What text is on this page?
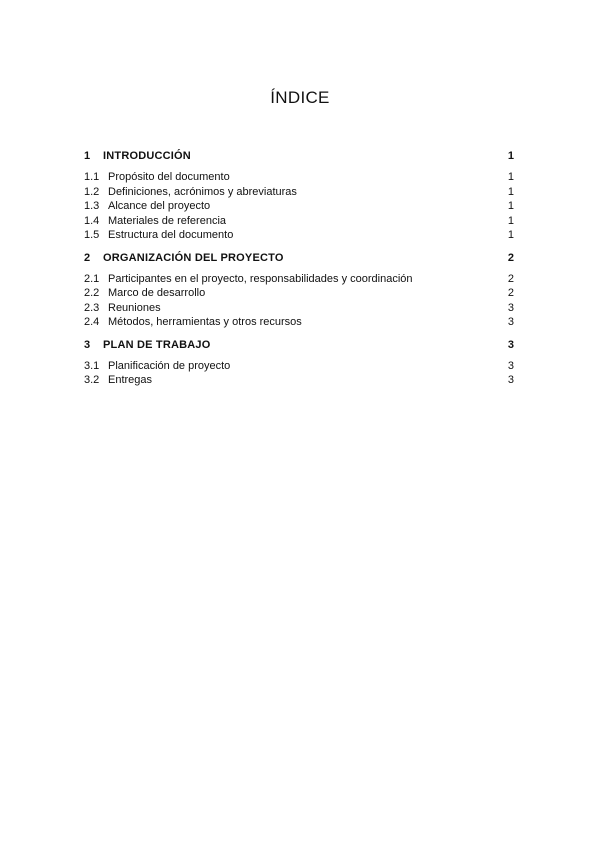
ÍNDICE
1	INTRODUCCIÓN	1
1.1 Propósito del documento	1
1.2 Definiciones, acrónimos y abreviaturas	1
1.3 Alcance del proyecto	1
1.4 Materiales de referencia	1
1.5 Estructura del documento	1
2	ORGANIZACIÓN DEL PROYECTO	2
2.1 Participantes en el proyecto, responsabilidades y coordinación	2
2.2 Marco de desarrollo	2
2.3 Reuniones	3
2.4 Métodos, herramientas y otros recursos	3
3	PLAN DE TRABAJO	3
3.1 Planificación de proyecto	3
3.2 Entregas	3
